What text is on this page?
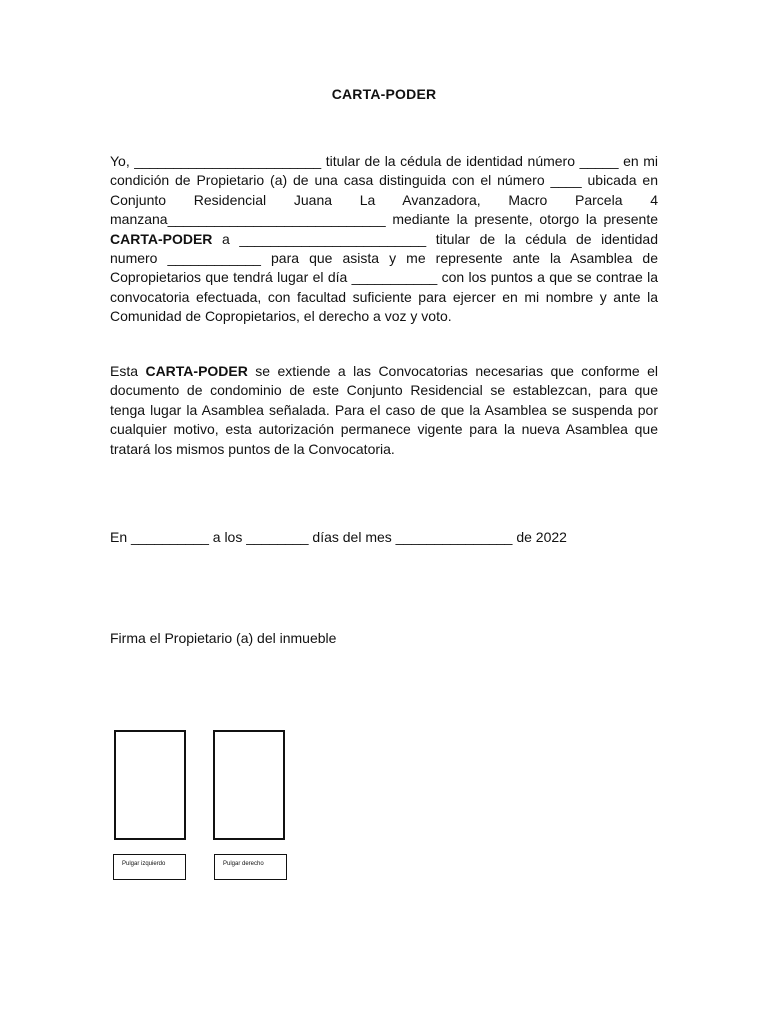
CARTA-PODER
Yo, ________________________ titular de la cédula de identidad número _____ en mi condición de Propietario (a) de una casa distinguida con el número ____ ubicada en Conjunto Residencial Juana La Avanzadora, Macro Parcela 4 manzana____________________________ mediante la presente, otorgo la presente CARTA-PODER a ________________________ titular de la cédula de identidad numero ____________ para que asista y me represente ante la Asamblea de Copropietarios que tendrá lugar el día ___________ con los puntos a que se contrae la convocatoria efectuada, con facultad suficiente para ejercer en mi nombre y ante la Comunidad de Copropietarios, el derecho a voz y voto.
Esta CARTA-PODER se extiende a las Convocatorias necesarias que conforme el documento de condominio de este Conjunto Residencial se establezcan, para que tenga lugar la Asamblea señalada. Para el caso de que la Asamblea se suspenda por cualquier motivo, esta autorización permanece vigente para la nueva Asamblea que tratará los mismos puntos de la Convocatoria.
En __________ a los ________ días del mes _______________ de 2022
Firma el Propietario (a) del inmueble
Pulgar izquierdo	Pulgar derecho
